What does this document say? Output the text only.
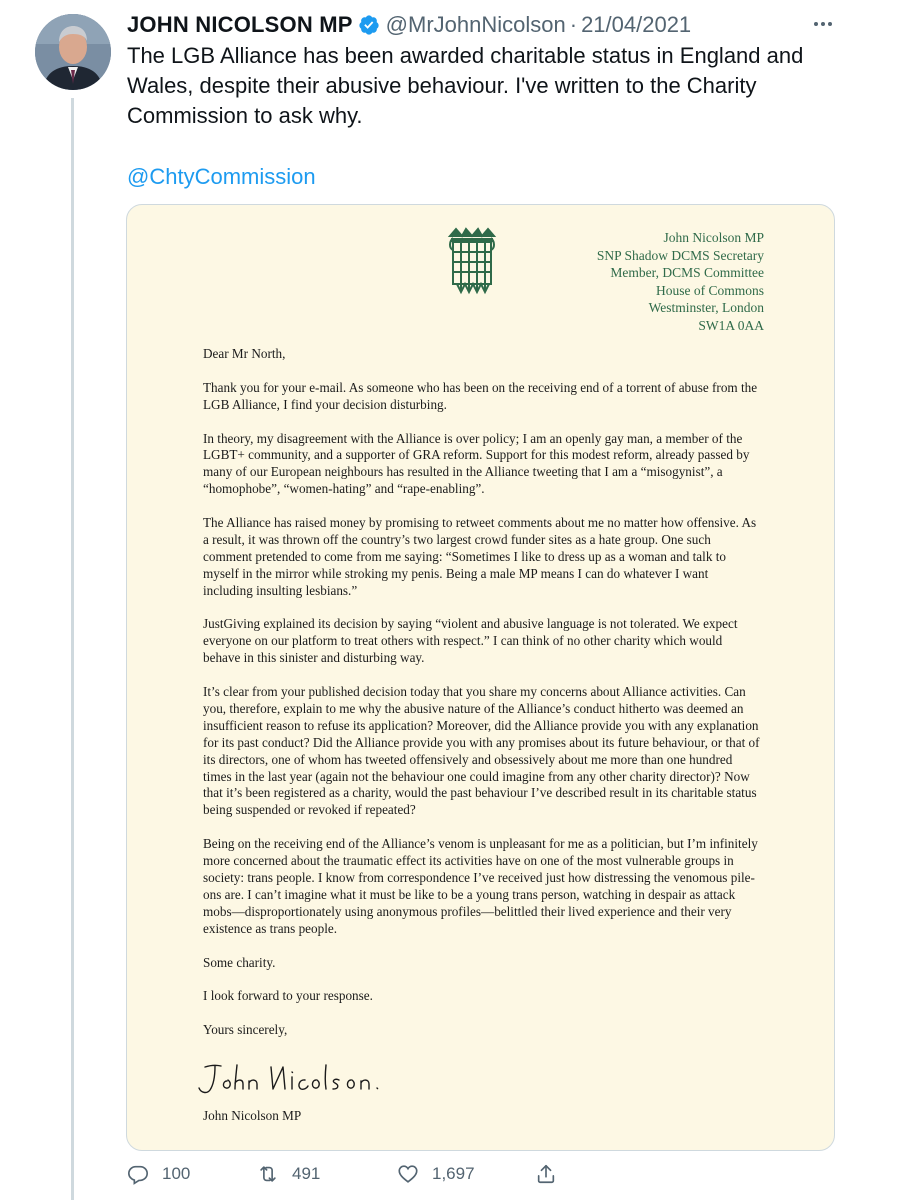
JOHN NICOLSON MP @MrJohnNicolson · 21/04/2021

The LGB Alliance has been awarded charitable status in England and Wales, despite their abusive behaviour. I've written to the Charity Commission to ask why.

@ChtyCommission
John Nicolson MP
SNP Shadow DCMS Secretary
Member, DCMS Committee
House of Commons
Westminster, London
SW1A 0AA

Dear Mr North,

Thank you for your e-mail. As someone who has been on the receiving end of a torrent of abuse from the LGB Alliance, I find your decision disturbing.

In theory, my disagreement with the Alliance is over policy; I am an openly gay man, a member of the LGBT+ community, and a supporter of GRA reform. Support for this modest reform, already passed by many of our European neighbours has resulted in the Alliance tweeting that I am a “misogynist”, a “homophobe”, “women-hating” and “rape-enabling”.

The Alliance has raised money by promising to retweet comments about me no matter how offensive. As a result, it was thrown off the country’s two largest crowd funder sites as a hate group. One such comment pretended to come from me saying: “Sometimes I like to dress up as a woman and talk to myself in the mirror while stroking my penis. Being a male MP means I can do whatever I want including insulting lesbians.”

JustGiving explained its decision by saying “violent and abusive language is not tolerated. We expect everyone on our platform to treat others with respect.” I can think of no other charity which would behave in this sinister and disturbing way.

It’s clear from your published decision today that you share my concerns about Alliance activities. Can you, therefore, explain to me why the abusive nature of the Alliance’s conduct hitherto was deemed an insufficient reason to refuse its application? Moreover, did the Alliance provide you with any explanation for its past conduct? Did the Alliance provide you with any promises about its future behaviour, or that of its directors, one of whom has tweeted offensively and obsessively about me more than one hundred times in the last year (again not the behaviour one could imagine from any other charity director)? Now that it’s been registered as a charity, would the past behaviour I’ve described result in its charitable status being suspended or revoked if repeated?

Being on the receiving end of the Alliance’s venom is unpleasant for me as a politician, but I’m infinitely more concerned about the traumatic effect its activities have on one of the most vulnerable groups in society: trans people. I know from correspondence I’ve received just how distressing the venomous pile-ons are. I can’t imagine what it must be like to be a young trans person, watching in despair as attack mobs—disproportionately using anonymous profiles—belittled their lived experience and their very existence as trans people.

Some charity.

I look forward to your response.

Yours sincerely,

John Nicolson MP
100	491	1,697
